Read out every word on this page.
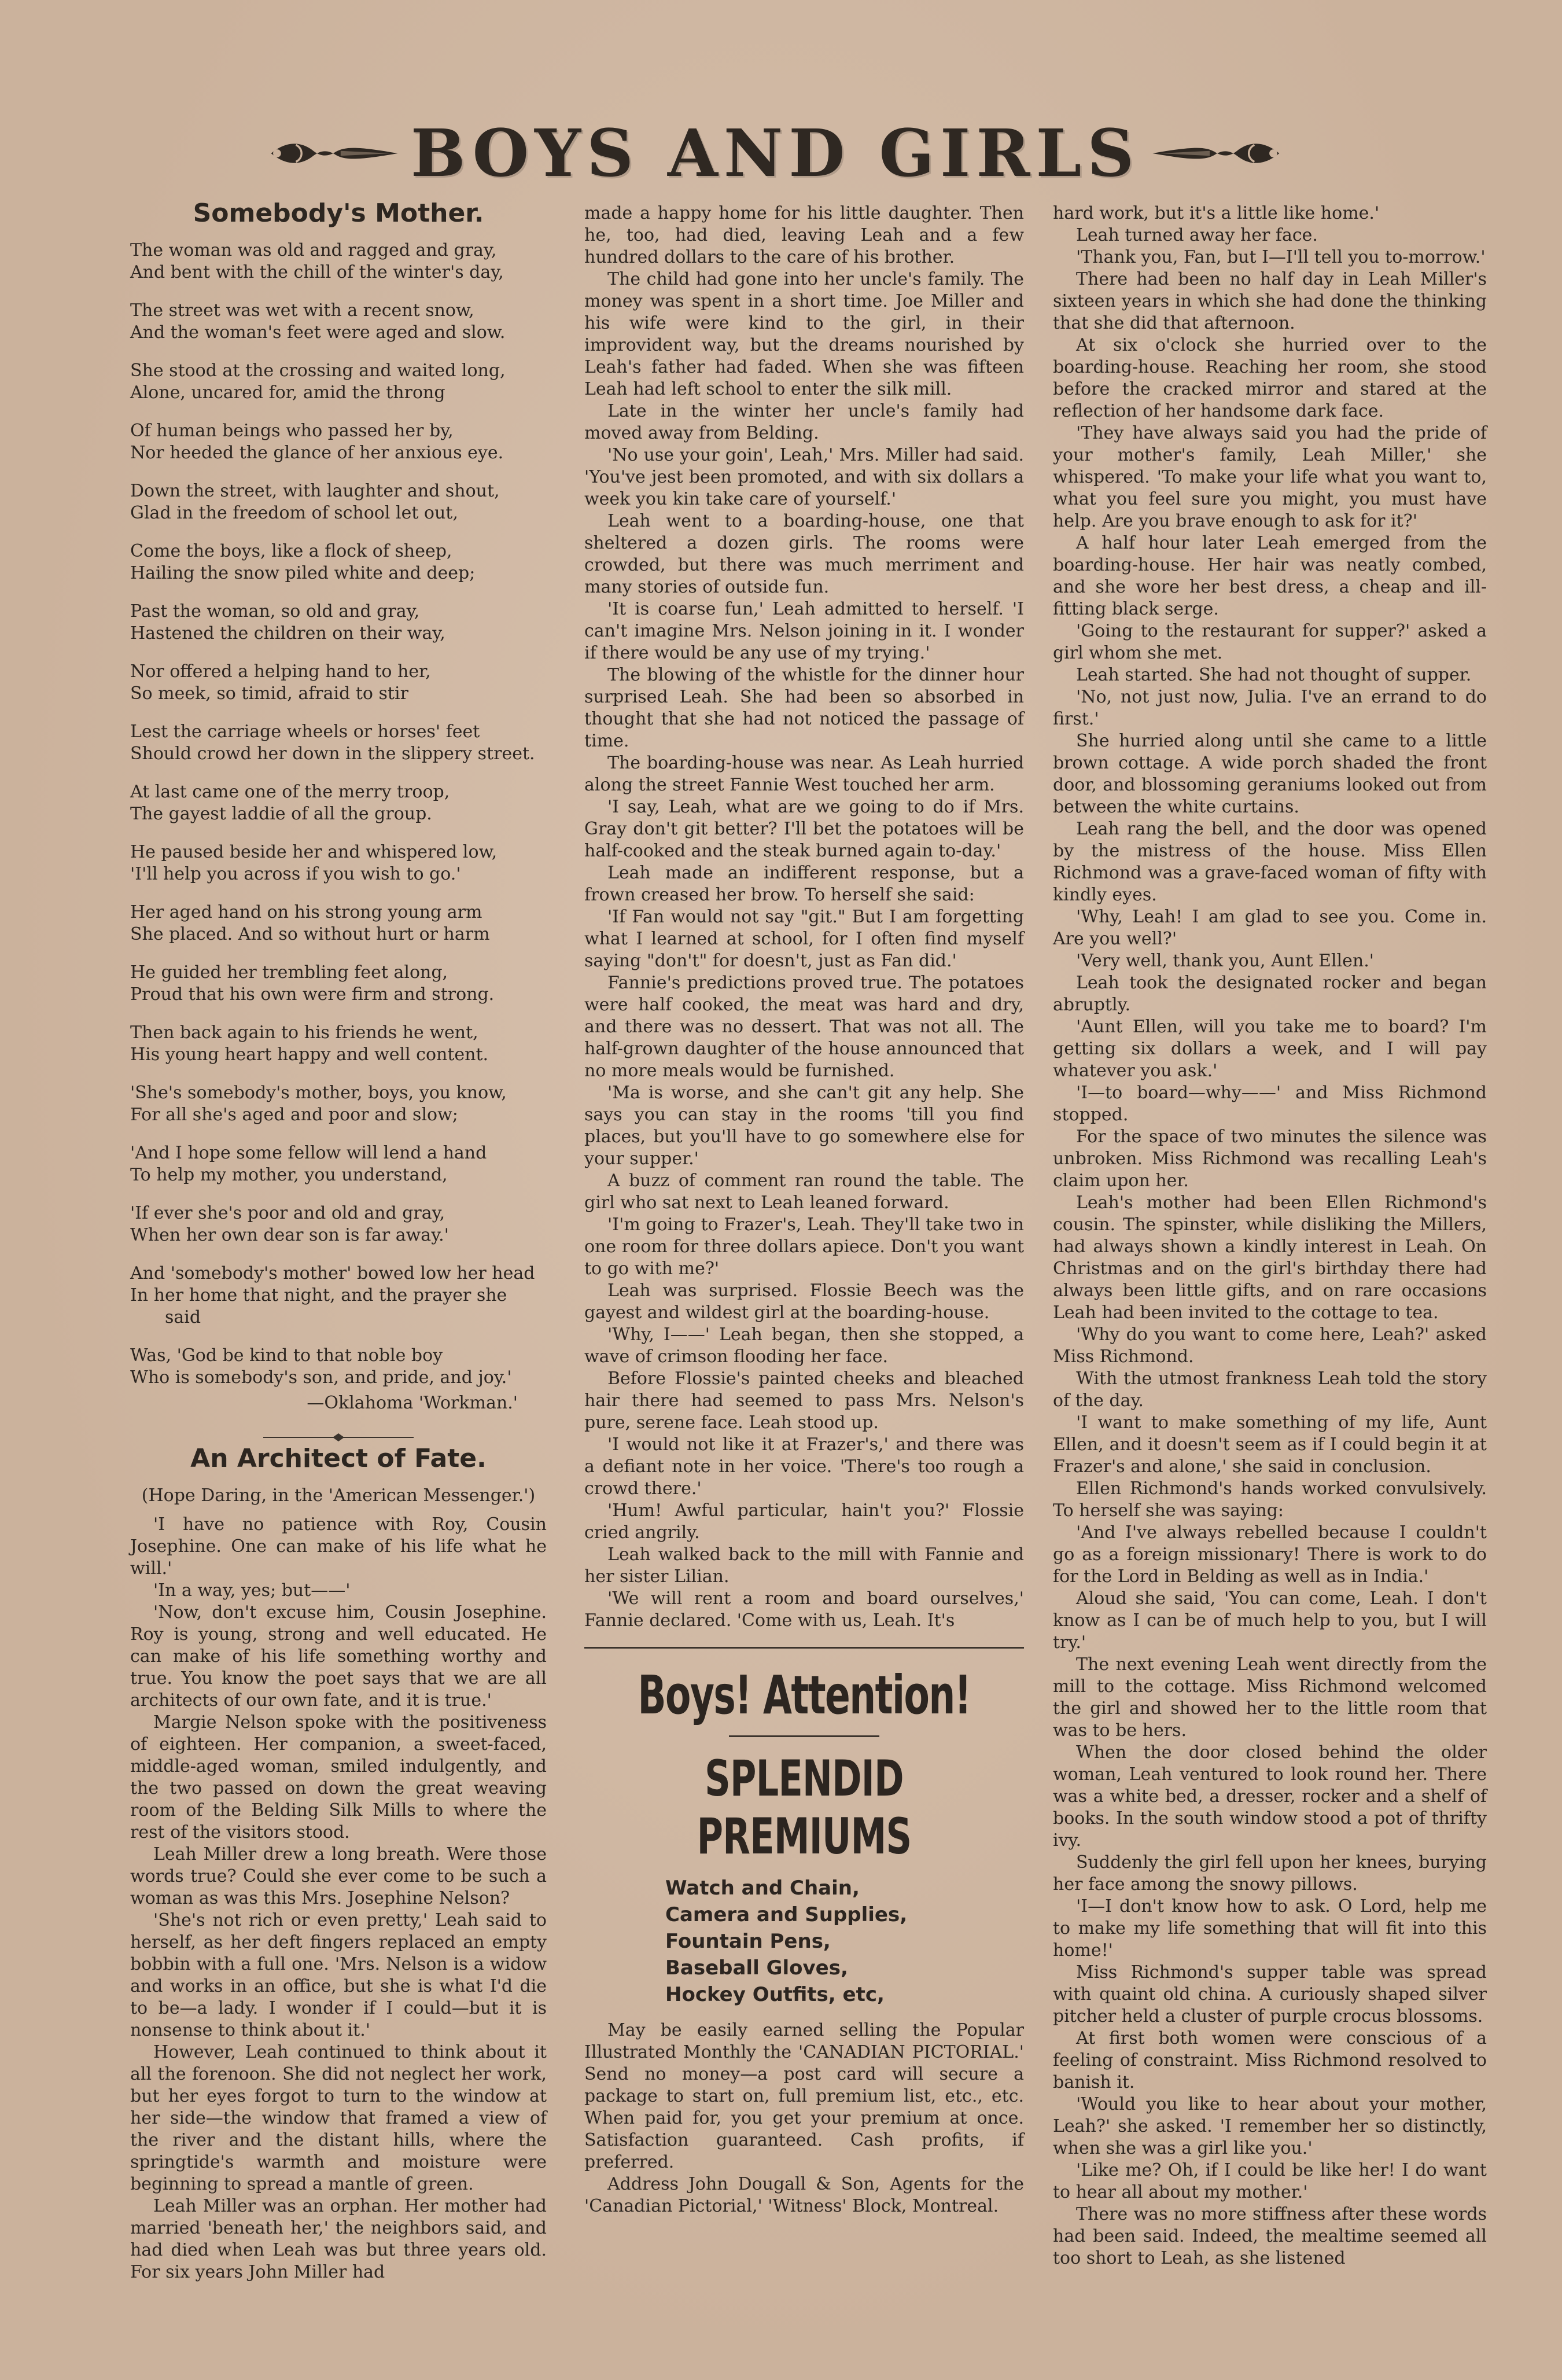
BOYS AND GIRLS
Somebody's Mother.
The woman was old and ragged and gray,
And bent with the chill of the winter's day,
The street was wet with a recent snow,
And the woman's feet were aged and slow.
She stood at the crossing and waited long,
Alone, uncared for, amid the throng
Of human beings who passed her by,
Nor heeded the glance of her anxious eye.
Down the street, with laughter and shout,
Glad in the freedom of school let out,
Come the boys, like a flock of sheep,
Hailing the snow piled white and deep;
Past the woman, so old and gray,
Hastened the children on their way,
Nor offered a helping hand to her,
So meek, so timid, afraid to stir
Lest the carriage wheels or horses' feet
Should crowd her down in the slippery street.
At last came one of the merry troop,
The gayest laddie of all the group.
He paused beside her and whispered low,
'I'll help you across if you wish to go.'
Her aged hand on his strong young arm
She placed. And so without hurt or harm
He guided her trembling feet along,
Proud that his own were firm and strong.
Then back again to his friends he went,
His young heart happy and well content.
'She's somebody's mother, boys, you know,
For all she's aged and poor and slow;
'And I hope some fellow will lend a hand
To help my mother, you understand,
'If ever she's poor and old and gray,
When her own dear son is far away.'
And 'somebody's mother' bowed low her head
In her home that night, and the prayer she
said
Was, 'God be kind to that noble boy
Who is somebody's son, and pride, and joy.'
—Oklahoma 'Workman.'
An Architect of Fate.
(Hope Daring, in the 'American Messenger.')

'I have no patience with Roy, Cousin Josephine. One can make of his life what he will.'

'In a way, yes; but——'

'Now, don't excuse him, Cousin Josephine. Roy is young, strong and well educated. He can make of his life something worthy and true. You know the poet says that we are all architects of our own fate, and it is true.'

Margie Nelson spoke with the positiveness of eighteen. Her companion, a sweet-faced, middle-aged woman, smiled indulgently, and the two passed on down the great weaving room of the Belding Silk Mills to where the rest of the visitors stood.

Leah Miller drew a long breath. Were those words true? Could she ever come to be such a woman as was this Mrs. Josephine Nelson?

'She's not rich or even pretty,' Leah said to herself, as her deft fingers replaced an empty bobbin with a full one. 'Mrs. Nelson is a widow and works in an office, but she is what I'd die to be—a lady. I wonder if I could—but it is nonsense to think about it.'

However, Leah continued to think about it all the forenoon. She did not neglect her work, but her eyes forgot to turn to the window at her side—the window that framed a view of the river and the distant hills, where the springtide's warmth and moisture were beginning to spread a mantle of green.

Leah Miller was an orphan. Her mother had married 'beneath her,' the neighbors said, and had died when Leah was but three years old. For six years John Miller had

made a happy home for his little daughter. Then he, too, had died, leaving Leah and a few hundred dollars to the care of his brother.

The child had gone into her uncle's family. The money was spent in a short time. Joe Miller and his wife were kind to the girl, in their improvident way, but the dreams nourished by Leah's father had faded. When she was fifteen Leah had left school to enter the silk mill.

Late in the winter her uncle's family had moved away from Belding.

'No use your goin', Leah,' Mrs. Miller had said. 'You've jest been promoted, and with six dollars a week you kin take care of yourself.'

Leah went to a boarding-house, one that sheltered a dozen girls. The rooms were crowded, but there was much merriment and many stories of outside fun.

'It is coarse fun,' Leah admitted to herself. 'I can't imagine Mrs. Nelson joining in it. I wonder if there would be any use of my trying.'

The blowing of the whistle for the dinner hour surprised Leah. She had been so absorbed in thought that she had not noticed the passage of time.

The boarding-house was near. As Leah hurried along the street Fannie West touched her arm.

'I say, Leah, what are we going to do if Mrs. Gray don't git better? I'll bet the potatoes will be half-cooked and the steak burned again to-day.'

Leah made an indifferent response, but a frown creased her brow. To herself she said:

'If Fan would not say "git." But I am forgetting what I learned at school, for I often find myself saying "don't" for doesn't, just as Fan did.'

Fannie's predictions proved true. The potatoes were half cooked, the meat was hard and dry, and there was no dessert. That was not all. The half-grown daughter of the house announced that no more meals would be furnished.

'Ma is worse, and she can't git any help. She says you can stay in the rooms 'till you find places, but you'll have to go somewhere else for your supper.'

A buzz of comment ran round the table. The girl who sat next to Leah leaned forward.

'I'm going to Frazer's, Leah. They'll take two in one room for three dollars apiece. Don't you want to go with me?'

Leah was surprised. Flossie Beech was the gayest and wildest girl at the boarding-house.

'Why, I——' Leah began, then she stopped, a wave of crimson flooding her face.

Before Flossie's painted cheeks and bleached hair there had seemed to pass Mrs. Nelson's pure, serene face. Leah stood up.

'I would not like it at Frazer's,' and there was a defiant note in her voice. 'There's too rough a crowd there.'

'Hum! Awful particular, hain't you?' Flossie cried angrily.

Leah walked back to the mill with Fannie and her sister Lilian.

'We will rent a room and board ourselves,' Fannie declared. 'Come with us, Leah. It's

Boys! Attention!
SPLENDID PREMIUMS
Watch and Chain,
Camera and Supplies,
Fountain Pens,
Baseball Gloves,
Hockey Outfits, etc,

May be easily earned selling the Popular Illustrated Monthly the 'CANADIAN PICTORIAL.' Send no money—a post card will secure a package to start on, full premium list, etc., etc. When paid for, you get your premium at once. Satisfaction guaranteed. Cash profits, if preferred.

Address John Dougall & Son, Agents for the 'Canadian Pictorial,' 'Witness' Block, Montreal.

hard work, but it's a little like home.'

Leah turned away her face.

'Thank you, Fan, but I—I'll tell you to-morrow.'

There had been no half day in Leah Miller's sixteen years in which she had done the thinking that she did that afternoon.

At six o'clock she hurried over to the boarding-house. Reaching her room, she stood before the cracked mirror and stared at the reflection of her handsome dark face.

'They have always said you had the pride of your mother's family, Leah Miller,' she whispered. 'To make your life what you want to, what you feel sure you might, you must have help. Are you brave enough to ask for it?'

A half hour later Leah emerged from the boarding-house. Her hair was neatly combed, and she wore her best dress, a cheap and ill-fitting black serge.

'Going to the restaurant for supper?' asked a girl whom she met.

Leah started. She had not thought of supper.

'No, not just now, Julia. I've an errand to do first.'

She hurried along until she came to a little brown cottage. A wide porch shaded the front door, and blossoming geraniums looked out from between the white curtains.

Leah rang the bell, and the door was opened by the mistress of the house. Miss Ellen Richmond was a grave-faced woman of fifty with kindly eyes.

'Why, Leah! I am glad to see you. Come in. Are you well?'

'Very well, thank you, Aunt Ellen.'

Leah took the designated rocker and began abruptly.

'Aunt Ellen, will you take me to board? I'm getting six dollars a week, and I will pay whatever you ask.'

'I—to board—why——' and Miss Richmond stopped.

For the space of two minutes the silence was unbroken. Miss Richmond was recalling Leah's claim upon her.

Leah's mother had been Ellen Richmond's cousin. The spinster, while disliking the Millers, had always shown a kindly interest in Leah. On Christmas and on the girl's birthday there had always been little gifts, and on rare occasions Leah had been invited to the cottage to tea.

'Why do you want to come here, Leah?' asked Miss Richmond.

With the utmost frankness Leah told the story of the day.

'I want to make something of my life, Aunt Ellen, and it doesn't seem as if I could begin it at Frazer's and alone,' she said in conclusion.

Ellen Richmond's hands worked convulsively. To herself she was saying:

'And I've always rebelled because I couldn't go as a foreign missionary! There is work to do for the Lord in Belding as well as in India.'

Aloud she said, 'You can come, Leah. I don't know as I can be of much help to you, but I will try.'

The next evening Leah went directly from the mill to the cottage. Miss Richmond welcomed the girl and showed her to the little room that was to be hers.

When the door closed behind the older woman, Leah ventured to look round her. There was a white bed, a dresser, rocker and a shelf of books. In the south window stood a pot of thrifty ivy.

Suddenly the girl fell upon her knees, burying her face among the snowy pillows.

'I—I don't know how to ask. O Lord, help me to make my life something that will fit into this home!'

Miss Richmond's supper table was spread with quaint old china. A curiously shaped silver pitcher held a cluster of purple crocus blossoms.

At first both women were conscious of a feeling of constraint. Miss Richmond resolved to banish it.

'Would you like to hear about your mother, Leah?' she asked. 'I remember her so distinctly, when she was a girl like you.'

'Like me? Oh, if I could be like her! I do want to hear all about my mother.'

There was no more stiffness after these words had been said. Indeed, the mealtime seemed all too short to Leah, as she listened
